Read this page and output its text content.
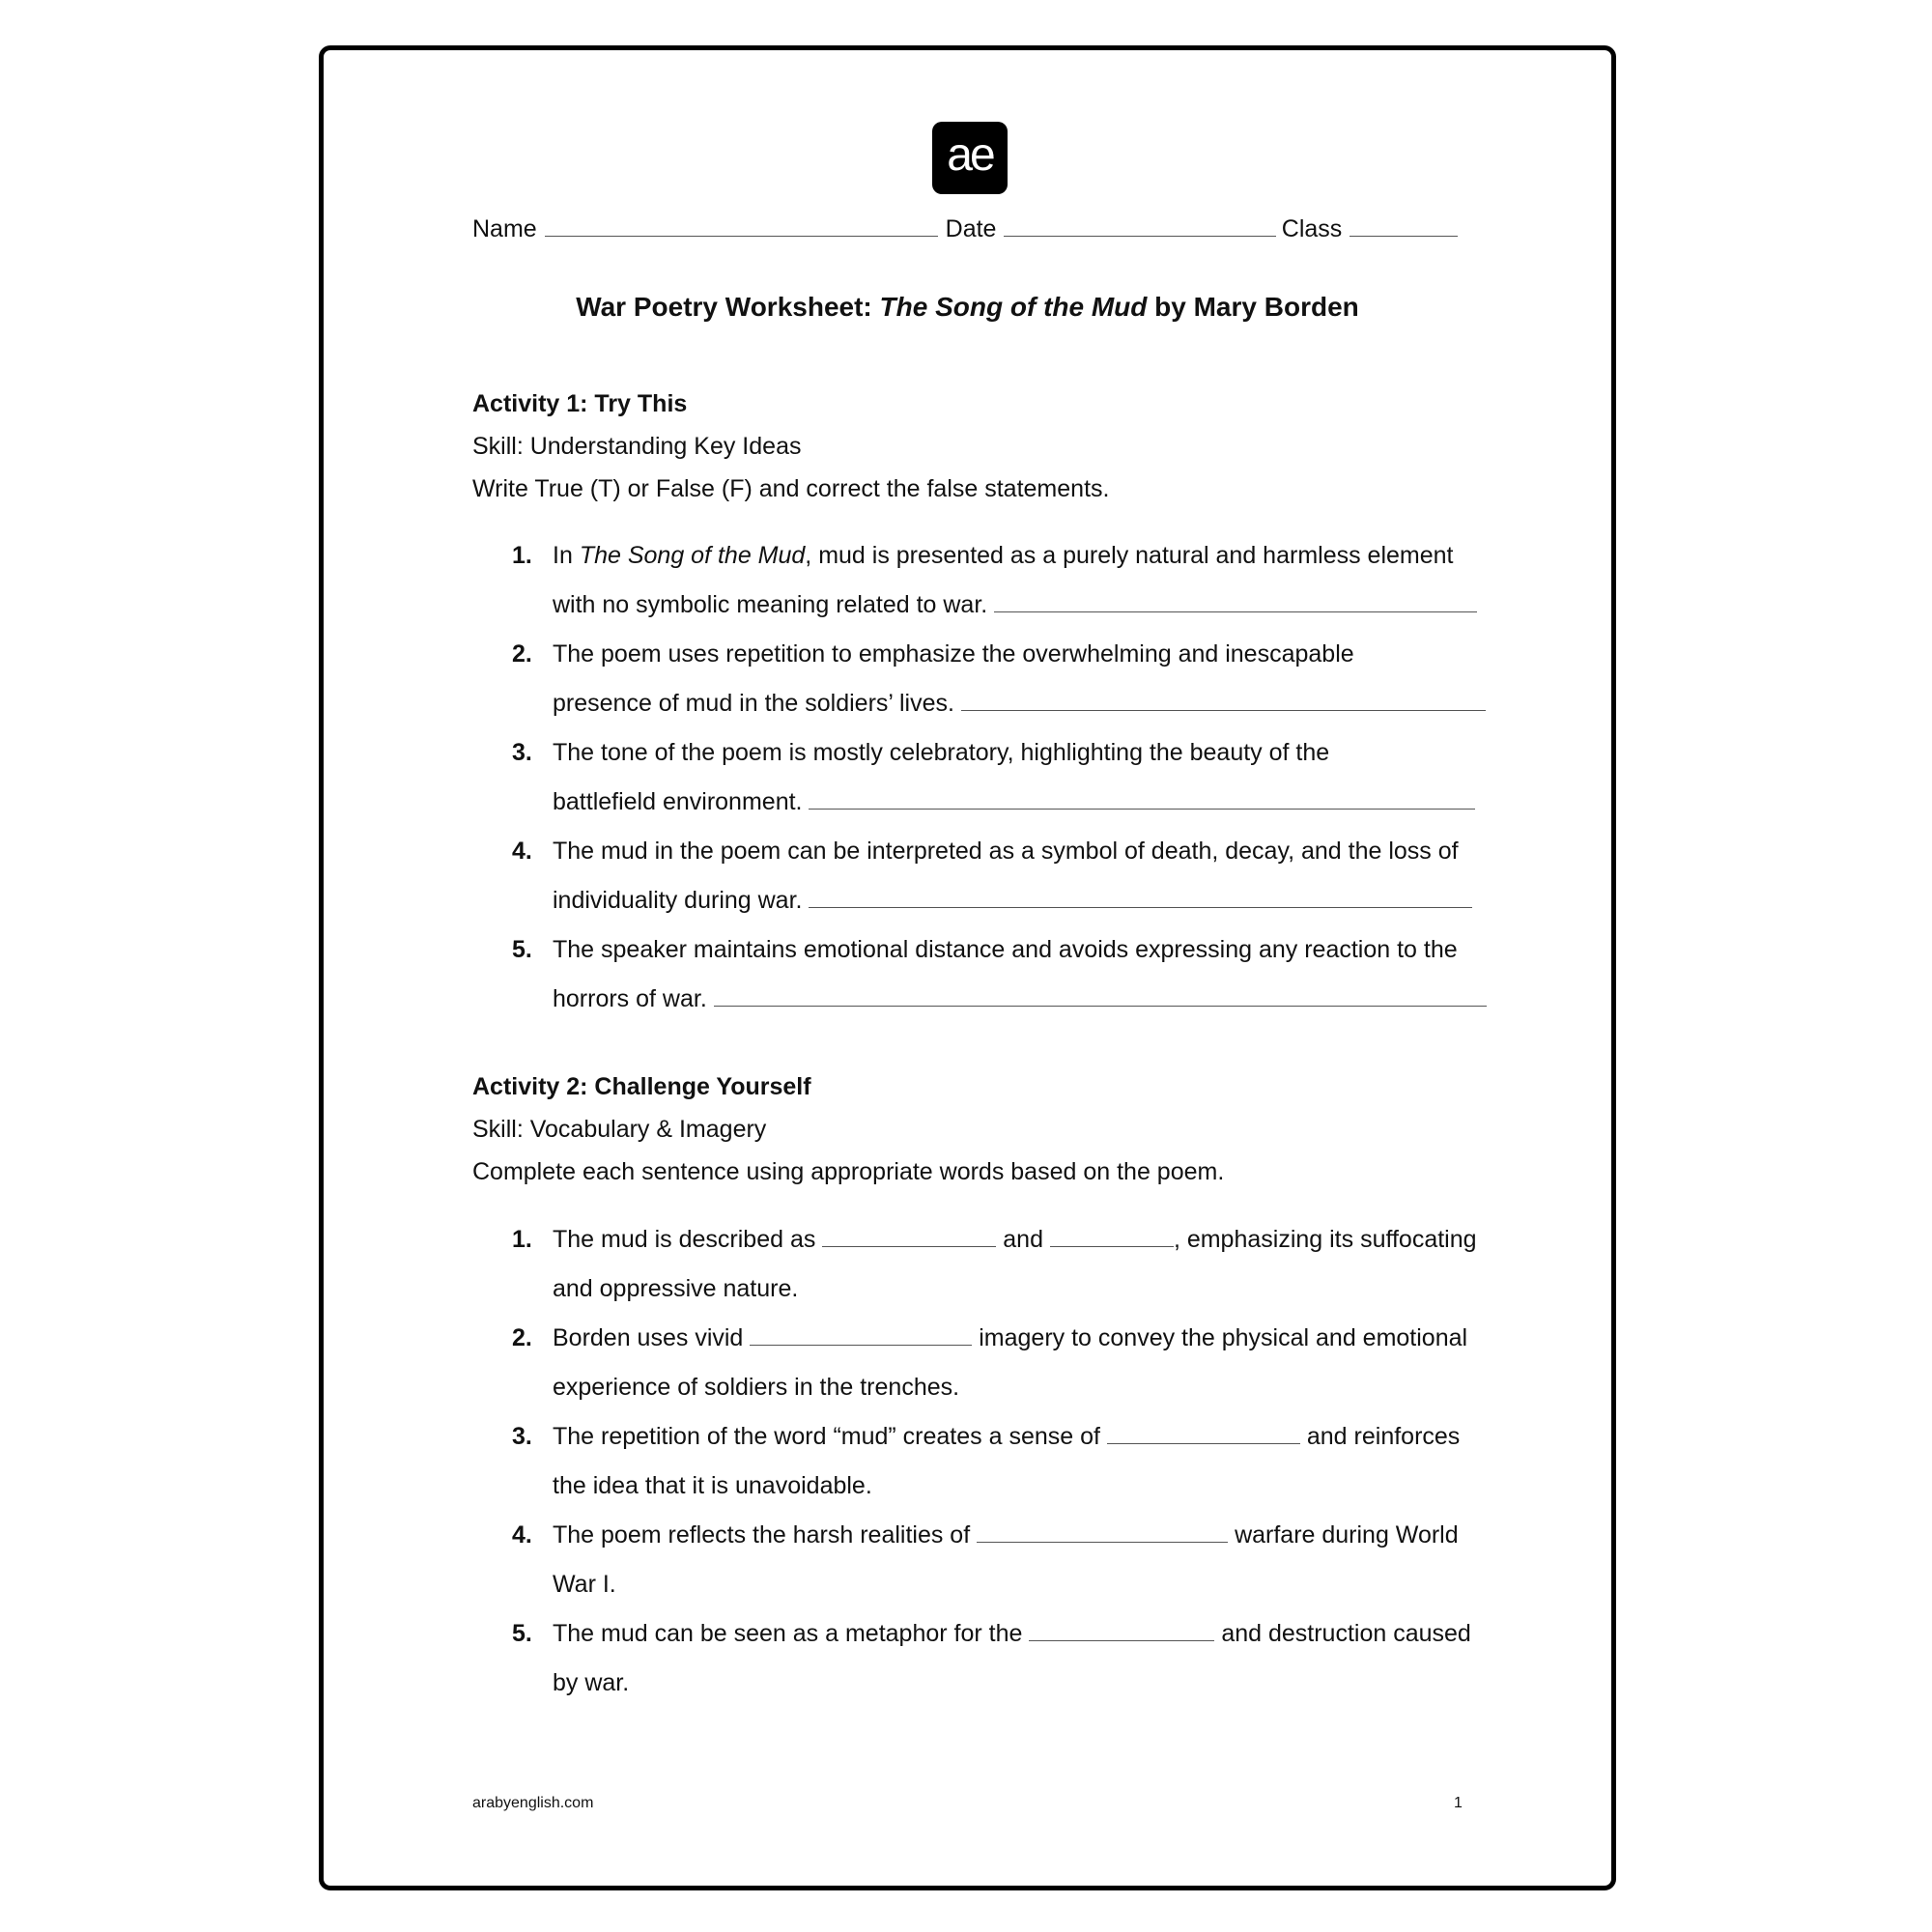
ae
Name	Date	Class
War Poetry Worksheet: The Song of the Mud by Mary Borden

Activity 1: Try This

Skill: Understanding Key Ideas

Write True (T) or False (F) and correct the false statements.

1. In The Song of the Mud, mud is presented as a purely natural and harmless element
with no symbolic meaning related to war.
2. The poem uses repetition to emphasize the overwhelming and inescapable
presence of mud in the soldiers’ lives.
3. The tone of the poem is mostly celebratory, highlighting the beauty of the
battlefield environment.
4. The mud in the poem can be interpreted as a symbol of death, decay, and the loss of
individuality during war.
5. The speaker maintains emotional distance and avoids expressing any reaction to the
horrors of war.

Activity 2: Challenge Yourself

Skill: Vocabulary & Imagery

Complete each sentence using appropriate words based on the poem.

1. The mud is described as	and	, emphasizing its suffocating
and oppressive nature.
2. Borden uses vivid	imagery to convey the physical and emotional
experience of soldiers in the trenches.
3. The repetition of the word “mud” creates a sense of	and reinforces
the idea that it is unavoidable.
4. The poem reflects the harsh realities of	warfare during World
War I.
5. The mud can be seen as a metaphor for the	and destruction caused
by war.
arabyenglish.com	1
